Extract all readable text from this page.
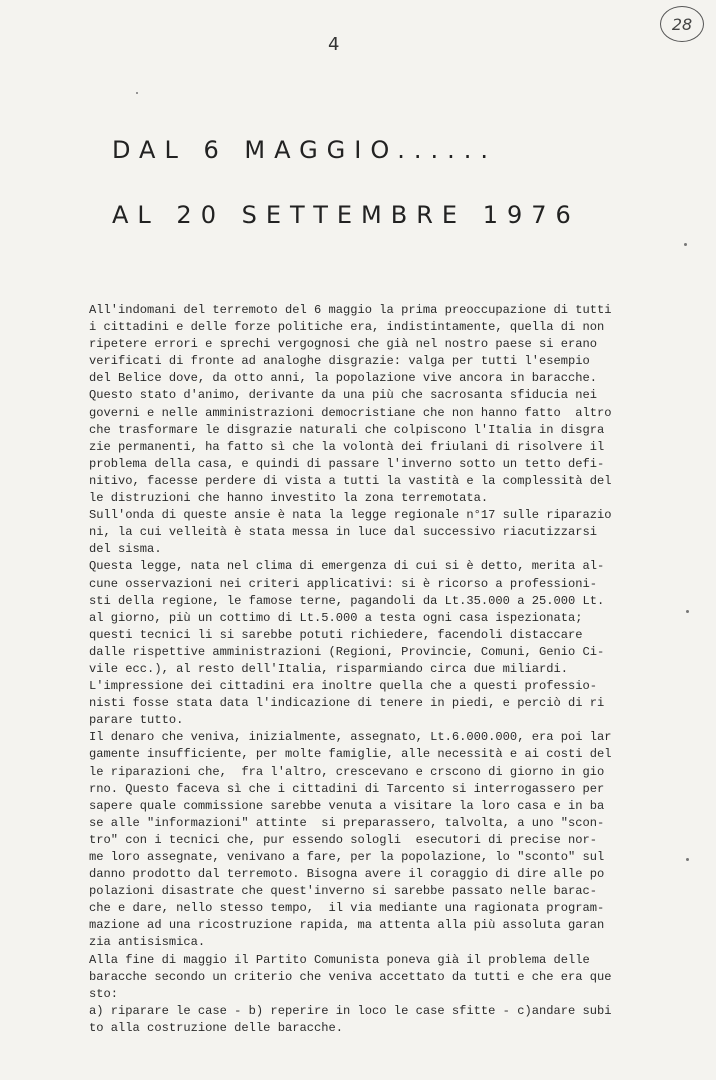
4
28
DAL 6 MAGGIO......
AL 20 SETTEMBRE 1976
All'indomani del terremoto del 6 maggio la prima preoccupazione di tutti
i cittadini e delle forze politiche era, indistintamente, quella di non
ripetere errori e sprechi vergognosi che già nel nostro paese si erano
verificati di fronte ad analoghe disgrazie: valga per tutti l'esempio
del Belice dove, da otto anni, la popolazione vive ancora in baracche.
Questo stato d'animo, derivante da una più che sacrosanta sfiducia nei
governi e nelle amministrazioni democristiane che non hanno fatto  altro
che trasformare le disgrazie naturali che colpiscono l'Italia in disgra
zie permanenti, ha fatto sì che la volontà dei friulani di risolvere il
problema della casa, e quindi di passare l'inverno sotto un tetto defi-
nitivo, facesse perdere di vista a tutti la vastità e la complessità del
le distruzioni che hanno investito la zona terremotata.
Sull'onda di queste ansie è nata la legge regionale n°17 sulle riparazio
ni, la cui velleità è stata messa in luce dal successivo riacutizzarsi
del sisma.
Questa legge, nata nel clima di emergenza di cui si è detto, merita al-
cune osservazioni nei criteri applicativi: si è ricorso a professioni-
sti della regione, le famose terne, pagandoli da Lt.35.000 a 25.000 Lt.
al giorno, più un cottimo di Lt.5.000 a testa ogni casa ispezionata;
questi tecnici li si sarebbe potuti richiedere, facendoli distaccare
dalle rispettive amministrazioni (Regioni, Provincie, Comuni, Genio Ci-
vile ecc.), al resto dell'Italia, risparmiando circa due miliardi.
L'impressione dei cittadini era inoltre quella che a questi professio-
nisti fosse stata data l'indicazione di tenere in piedi, e perciò di ri
parare tutto.
Il denaro che veniva, inizialmente, assegnato, Lt.6.000.000, era poi lar
gamente insufficiente, per molte famiglie, alle necessità e ai costi del
le riparazioni che,  fra l'altro, crescevano e crscono di giorno in gio
rno. Questo faceva sì che i cittadini di Tarcento si interrogassero per
sapere quale commissione sarebbe venuta a visitare la loro casa e in ba
se alle "informazioni" attinte  si preparassero, talvolta, a uno "scon-
tro" con i tecnici che, pur essendo sologli  esecutori di precise nor-
me loro assegnate, venivano a fare, per la popolazione, lo "sconto" sul
danno prodotto dal terremoto. Bisogna avere il coraggio di dire alle po
polazioni disastrate che quest'inverno si sarebbe passato nelle barac-
che e dare, nello stesso tempo,  il via mediante una ragionata program-
mazione ad una ricostruzione rapida, ma attenta alla più assoluta garan
zia antisismica.
Alla fine di maggio il Partito Comunista poneva già il problema delle
baracche secondo un criterio che veniva accettato da tutti e che era que
sto:
a) riparare le case - b) reperire in loco le case sfitte - c)andare subi
to alla costruzione delle baracche.
